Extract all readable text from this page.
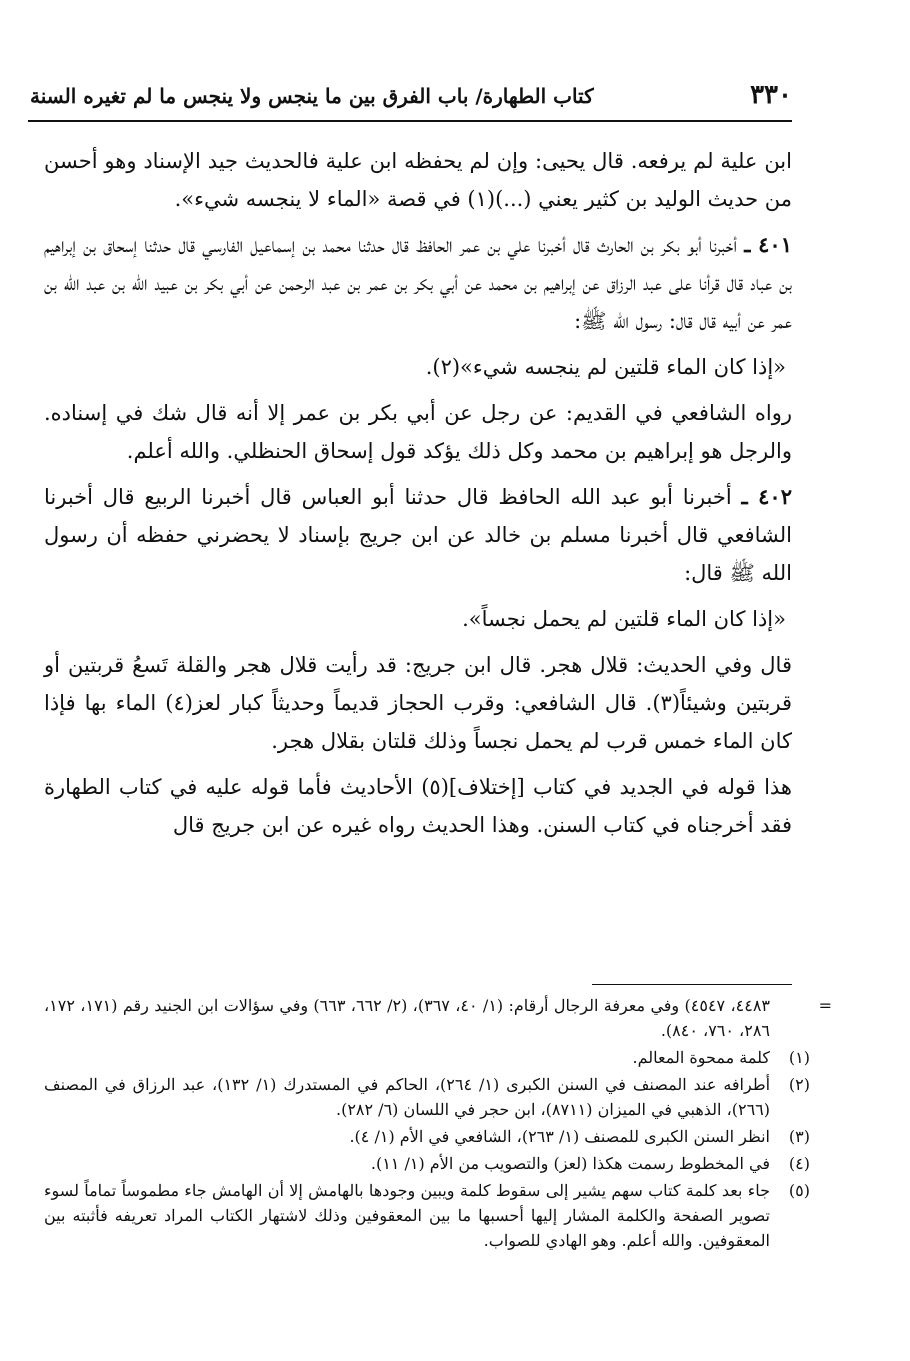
٣٣٠
كتاب الطهارة/ باب الفرق بين ما ينجس ولا ينجس ما لم تغيره السنة

ابن علية لم يرفعه. قال يحيى: وإن لم يحفظه ابن علية فالحديث جيد الإسناد وهو أحسن من حديث الوليد بن كثير يعني (...)(١) في قصة «الماء لا ينجسه شيء».

٤٠١ ـ أخبرنا أبو بكر بن الحارث قال أخبرنا علي بن عمر الحافظ قال حدثنا محمد بن إسماعيل الفارسي قال حدثنا إسحاق بن إبراهيم بن عباد قال قرأنا على عبد الرزاق عن إبراهيم بن محمد عن أبي بكر بن عمر بن عبد الرحمن عن أبي بكر بن عبيد الله بن عبد الله بن عمر عن أبيه قال قال: رسول الله ﷺ:

«إذا كان الماء قلتين لم ينجسه شيء»(٢).

رواه الشافعي في القديم: عن رجل عن أبي بكر بن عمر إلا أنه قال شك في إسناده. والرجل هو إبراهيم بن محمد وكل ذلك يؤكد قول إسحاق الحنظلي. والله أعلم.

٤٠٢ ـ أخبرنا أبو عبد الله الحافظ قال حدثنا أبو العباس قال أخبرنا الربيع قال أخبرنا الشافعي قال أخبرنا مسلم بن خالد عن ابن جريج بإسناد لا يحضرني حفظه أن رسول الله ﷺ قال:

«إذا كان الماء قلتين لم يحمل نجساً».

قال وفي الحديث: قلال هجر. قال ابن جريج: قد رأيت قلال هجر والقلة تَسعُ قربتين أو قربتين وشيئاً(٣). قال الشافعي: وقرب الحجاز قديماً وحديثاً كبار لعز(٤) الماء بها فإذا كان الماء خمس قرب لم يحمل نجساً وذلك قلتان بقلال هجر.

هذا قوله في الجديد في كتاب [إختلاف](٥) الأحاديث فأما قوله عليه في كتاب الطهارة فقد أخرجناه في كتاب السنن. وهذا الحديث رواه غيره عن ابن جريج قال

=
٤٤٨٣، ٤٥٤٧) وفي معرفة الرجال أرقام: (١/ ٤٠، ٣٦٧)، (٢/ ٦٦٢، ٦٦٣) وفي سؤالات ابن الجنيد رقم (١٧١، ١٧٢، ٢٨٦، ٧٦٠، ٨٤٠).
(١)
كلمة ممحوة المعالم.
(٢)
أطرافه عند المصنف في السنن الكبرى (١/ ٢٦٤)، الحاكم في المستدرك (١/ ١٣٢)، عبد الرزاق في المصنف (٢٦٦)، الذهبي في الميزان (٨٧١١)، ابن حجر في اللسان (٦/ ٢٨٢).
(٣)
انظر السنن الكبرى للمصنف (١/ ٢٦٣)، الشافعي في الأم (١/ ٤).
(٤)
في المخطوط رسمت هكذا (لعز) والتصويب من الأم (١/ ١١).
(٥)
جاء بعد كلمة كتاب سهم يشير إلى سقوط كلمة ويبين وجودها بالهامش إلا أن الهامش جاء مطموساً تماماً لسوء تصوير الصفحة والكلمة المشار إليها أحسبها ما بين المعقوفين وذلك لاشتهار الكتاب المراد تعريفه فأثبته بين المعقوفين. والله أعلم. وهو الهادي للصواب.
